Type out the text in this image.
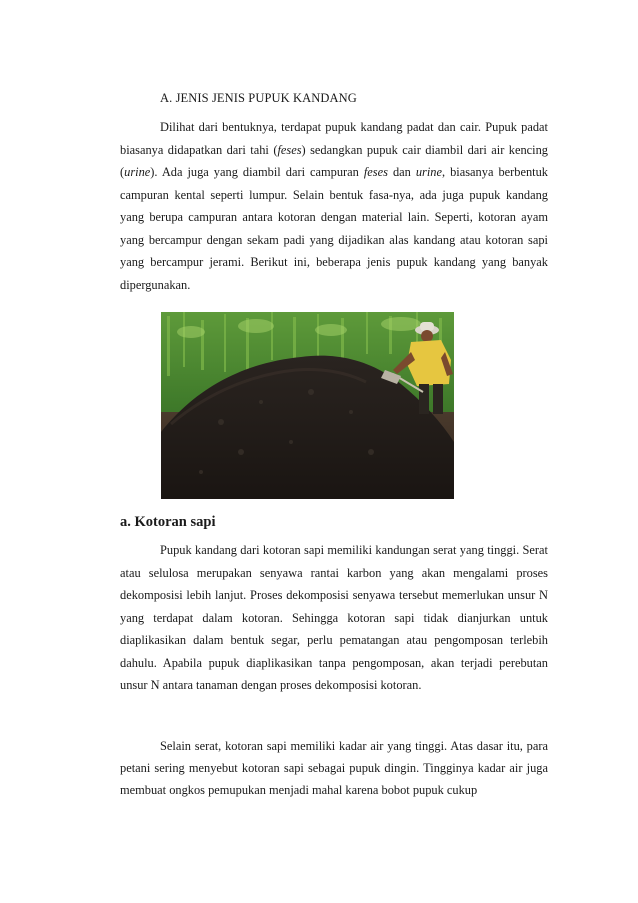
A. JENIS JENIS PUPUK KANDANG

Dilihat dari bentuknya, terdapat pupuk kandang padat dan cair. Pupuk padat biasanya didapatkan dari tahi (feses) sedangkan pupuk cair diambil dari air kencing (urine). Ada juga yang diambil dari campuran feses dan urine, biasanya berbentuk campuran kental seperti lumpur. Selain bentuk fasa-nya, ada juga pupuk kandang yang berupa campuran antara kotoran dengan material lain. Seperti, kotoran ayam yang bercampur dengan sekam padi yang dijadikan alas kandang atau kotoran sapi yang bercampur jerami. Berikut ini, beberapa jenis pupuk kandang yang banyak dipergunakan.

a. Kotoran sapi

Pupuk kandang dari kotoran sapi memiliki kandungan serat yang tinggi. Serat atau selulosa merupakan senyawa rantai karbon yang akan mengalami proses dekomposisi lebih lanjut. Proses dekomposisi senyawa tersebut memerlukan unsur N yang terdapat dalam kotoran. Sehingga kotoran sapi tidak dianjurkan untuk diaplikasikan dalam bentuk segar, perlu pematangan atau pengomposan terlebih dahulu. Apabila pupuk diaplikasikan tanpa pengomposan, akan terjadi perebutan unsur N antara tanaman dengan proses dekomposisi kotoran.

Selain serat, kotoran sapi memiliki kadar air yang tinggi. Atas dasar itu, para petani sering menyebut kotoran sapi sebagai pupuk dingin. Tingginya kadar air juga membuat ongkos pemupukan menjadi mahal karena bobot pupuk cukup
